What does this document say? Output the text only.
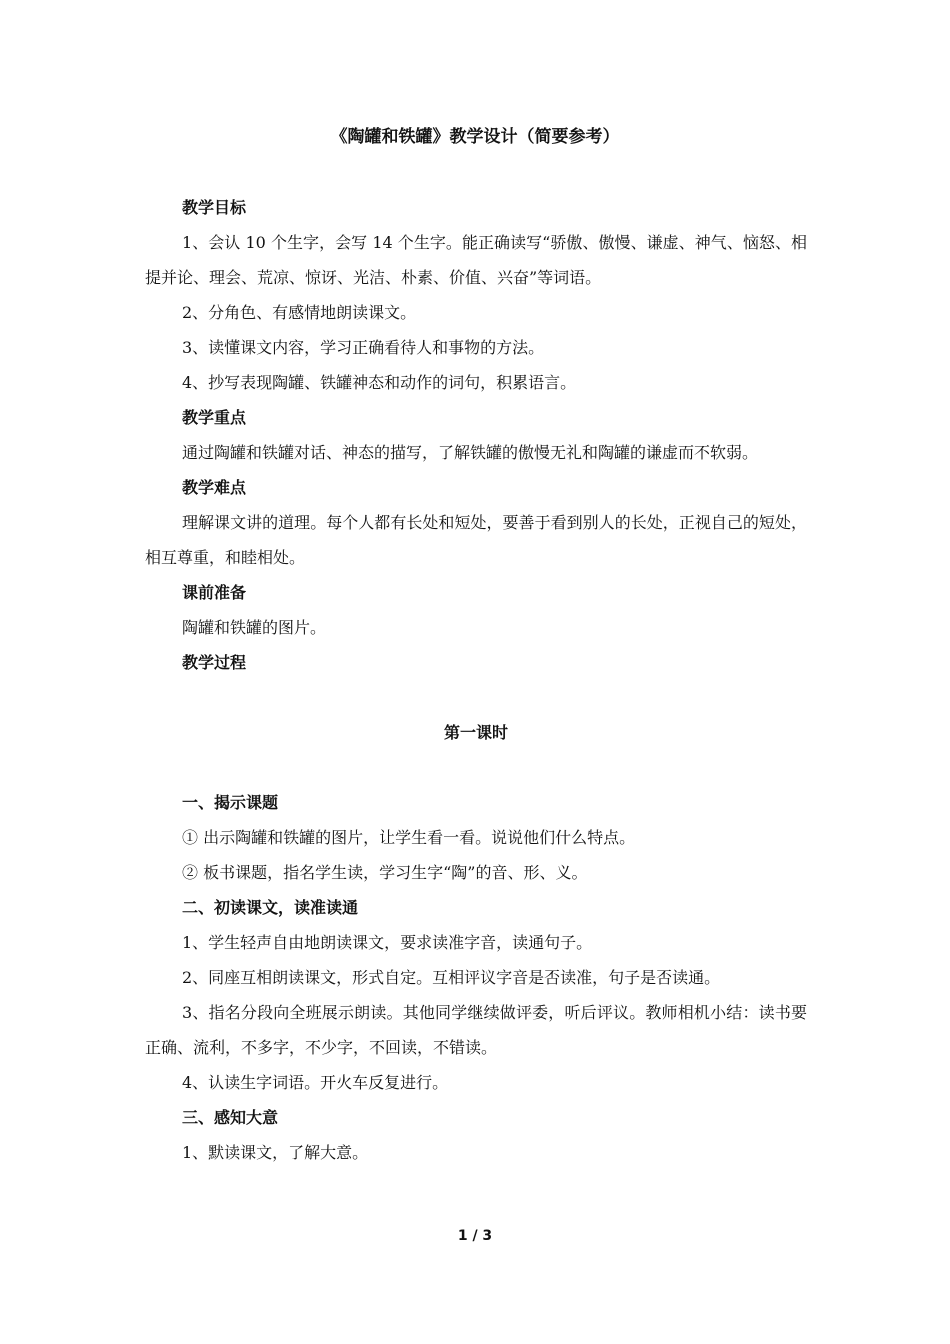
《陶罐和铁罐》教学设计（简要参考）
教学目标

1、会认 10 个生字，会写 14 个生字。能正确读写“骄傲、傲慢、谦虚、神气、恼怒、相提并论、理会、荒凉、惊讶、光洁、朴素、价值、兴奋”等词语。

2、分角色、有感情地朗读课文。

3、读懂课文内容，学习正确看待人和事物的方法。

4、抄写表现陶罐、铁罐神态和动作的词句，积累语言。

教学重点

通过陶罐和铁罐对话、神态的描写，了解铁罐的傲慢无礼和陶罐的谦虚而不软弱。

教学难点

理解课文讲的道理。每个人都有长处和短处，要善于看到别人的长处，正视自己的短处，相互尊重，和睦相处。

课前准备

陶罐和铁罐的图片。

教学过程
第一课时
一、揭示课题

① 出示陶罐和铁罐的图片，让学生看一看。说说他们什么特点。

② 板书课题，指名学生读，学习生字“陶”的音、形、义。

二、初读课文，读准读通

1、学生轻声自由地朗读课文，要求读准字音，读通句子。

2、同座互相朗读课文，形式自定。互相评议字音是否读准，句子是否读通。

3、指名分段向全班展示朗读。其他同学继续做评委，听后评议。教师相机小结：读书要正确、流利，不多字，不少字，不回读，不错读。

4、认读生字词语。开火车反复进行。

三、感知大意

1、默读课文，了解大意。

1 / 3
